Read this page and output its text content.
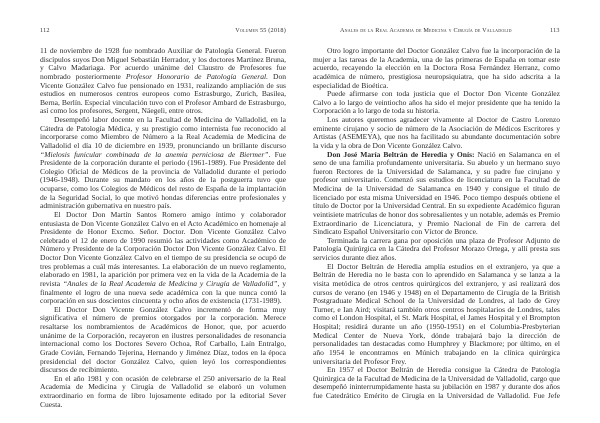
112	Volumen 55 (2018)

11 de noviembre de 1928 fue nombrado Auxiliar de Patología General. Fueron discípulos suyos Don Miguel Sebastián Herrador, y los doctores Martínez Bruna, y Calvo Madariaga. Por acuerdo unánime del Claustro de Profesores fue nombrado posteriormente Profesor Honorario de Patología General. Don Vicente González Calvo fue pensionado en 1931, realizando ampliación de sus estudios en numerosos centros europeos como Estrasburgo, Zurich, Basilea, Berna, Berlín. Especial vinculación tuvo con el Profesor Ambard de Estrasburgo, así como los profesores, Sergent, Näegeli, entre otros.

Desempeñó labor docente en la Facultad de Medicina de Valladolid, en la Cátedra de Patología Médica, y su prestigio como internista fue reconocido al incorporarse como Miembro de Número a la Real Academia de Medicina de Valladolid el día 10 de diciembre en 1939, pronunciando un brillante discurso “Mielosis funicular combinada de la anemia perniciosa de Biermer”. Fue Presidente de la corporación durante el periodo (1961-1989). Fue Presidente del Colegio Oficial de Médicos de la provincia de Valladolid durante el periodo (1946-1948). Durante su mandato en los años de la postguerra tuvo que ocuparse, como los Colegios de Médicos del resto de España de la implantación de la Seguridad Social, lo que motivó hondas diferencias entre profesionales y administración gubernativa en nuestro país.

El Doctor Don Martín Santos Romero amigo íntimo y colaborador entusiasta de Don Vicente González Calvo en el Acto Académico en homenaje al Presidente de Honor Excmo. Señor. Doctor. Don Vicente González Calvo celebrado el 12 de enero de 1990 resumió las actividades como Académico de Número y Presidente de la Corporación Doctor Don Vicente González Calvo. El Doctor Don Vicente González Calvo en el tiempo de su presidencia se ocupó de tres problemas a cuál más interesantes. La elaboración de un nuevo reglamento, elaborado en 1981, la aparición por primera vez en la vida de la Academia de la revista “Anales de la Real Academia de Medicina y Cirugía de Valladolid”, y finalmente el logro de una nueva sede académica con la que nunca contó la corporación en sus doscientos cincuenta y ocho años de existencia (1731-1989).

El Doctor Don Vicente González Calvo incrementó de forma muy significativa el número de premios otorgados por la corporación. Merece resaltarse los nombramientos de Académicos de Honor, que, por acuerdo unánime de la Corporación, recayeron en ilustres personalidades de resonancia internacional como los Doctores Severo Ochoa, Rof Carballo, Laín Entralgo, Grade Covián, Fernando Tejerina, Hernando y Jiménez Díaz, todos en la época presidencial del doctor González Calvo, quien leyó los correspondientes discursos de recibimiento.

En el año 1981 y con ocasión de celebrarse el 250 aniversario de la Real Academia de Medicina y Cirugía de Valladolid se elaboró un volumen extraordinario en forma de libro lujosamente editado por la editorial Sever Cuesta.

Anales de la Real Academia de Medicina y Cirugía de Valladolid	113

Otro logro importante del Doctor González Calvo fue la incorporación de la mujer a las tareas de la Academia, una de las primeras de España en tomar este acuerdo, recayendo la elección en la Doctora Rosa Fernández Herranz, como académica de número, prestigiosa neuropsiquiatra, que ha sido adscrita a la especialidad de Bioética.

Puede afirmarse con toda justicia que el Doctor Don Vicente González Calvo a lo largo de veintiocho años ha sido el mejor presidente que ha tenido la Corporación a lo largo de toda su historia.

Los autores queremos agradecer vivamente al Doctor de Castro Lorenzo eminente cirujano y socio de número de la Asociación de Médicos Escritores y Artistas (ASEMEYA), que nos ha facilitado su abundante documentación sobre la vida y la obra de Don Vicente González Calvo.

Don José María Beltrán de Heredia y Onís: Nació en Salamanca en el seno de una familia profundamente universitaria. Su abuelo y un hermano suyo fueron Rectores de la Universidad de Salamanca, y su padre fue cirujano y profesor universitario. Comenzó sus estudios de licenciatura en la Facultad de Medicina de la Universidad de Salamanca en 1940 y consigue el título de licenciado por esta misma Universidad en 1946. Poco tiempo después obtiene el título de Doctor por la Universidad Central. En su expediente Académico figuran veintisiete matrículas de honor dos sobresalientes y un notable, además es Premio Extraordinario de Licenciatura, y Premio Nacional de Fin de carrera del Sindicato Español Universitario con Víctor de Bronce.

Terminada la carrera gana por oposición una plaza de Profesor Adjunto de Patología Quirúrgica en la Cátedra del Profesor Morazo Ortega, y allí presta sus servicios durante diez años.

El Doctor Beltrán de Heredia amplía estudios en el extranjero, ya que a Beltrán de Heredia no le basta con lo aprendido en Salamanca y se lanza a la visita metódica de otros centros quirúrgicos del extranjero, y así realizará dos cursos de verano (en 1946 y 1948) en el Departamento de Cirugía de la British Postgraduate Medical School de la Universidad de Londres, al lado de Grey Turner, e Ian Aird; visitará también otros centros hospitalarios de Londres, tales como el London Hospital, el St. Mark Hospital, el James Hospital y el Brompton Hospital; residirá durante un año (1950-1951) en el Columbia-Presbyterian Medical Center de Nueva York, dónde trabajará bajo la dirección de personalidades tan destacadas como Humphrey y Blackmore; por último, en el año 1954 le encontramos en Múnich trabajando en la clínica quirúrgica universitaria del Profesor Frey.

En 1957 el Doctor Beltrán de Heredia consigue la Cátedra de Patología Quirúrgica de la Facultad de Medicina de la Universidad de Valladolid, cargo que desempeñó ininterrumpidamente hasta su jubilación en 1987 y durante dos años fue Catedrático Emérito de Cirugía en la Universidad de Valladolid. Fue Jefe
